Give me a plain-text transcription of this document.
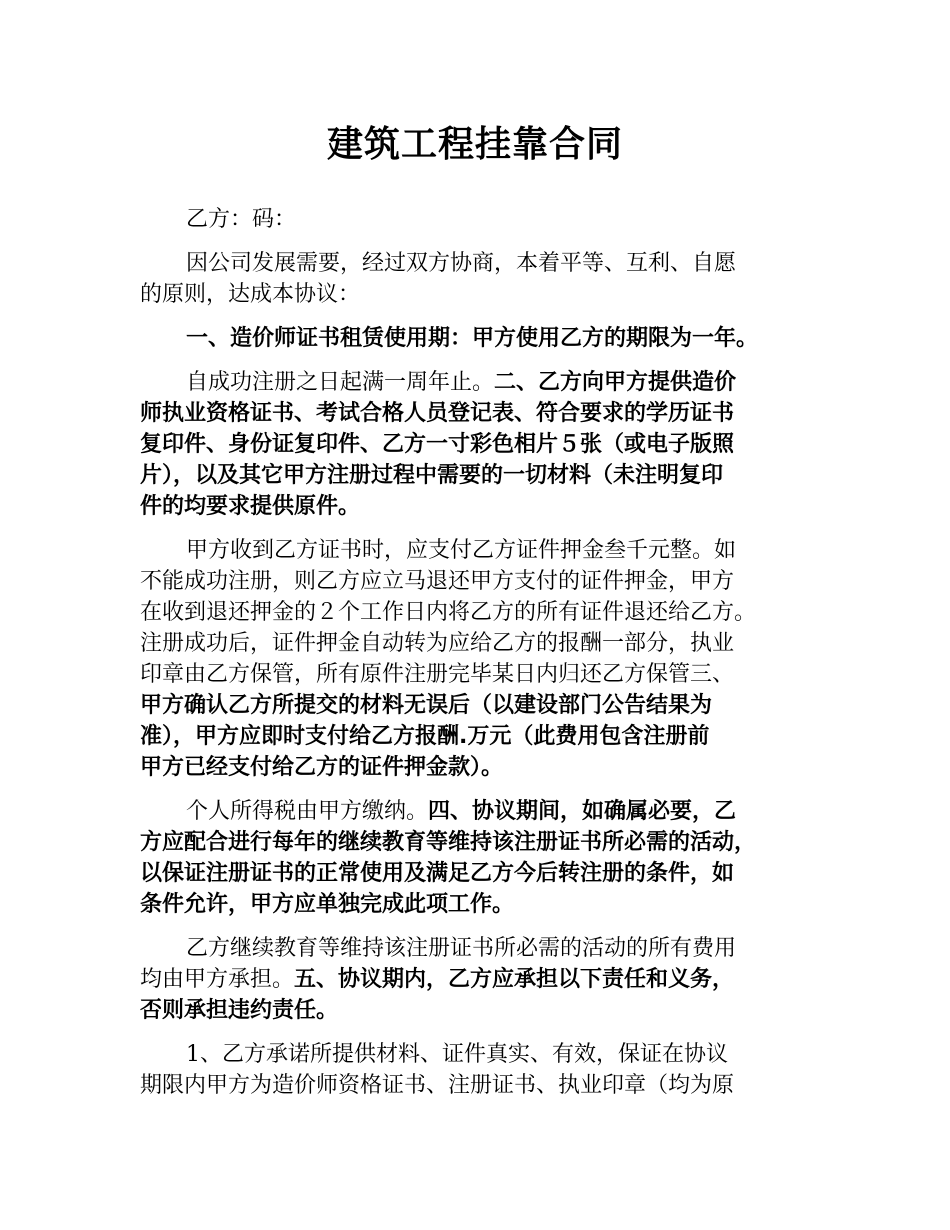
建筑工程挂靠合同

乙方：码：

因公司发展需要，经过双方协商，本着平等、互利、自愿
的原则，达成本协议：

一、造价师证书租赁使用期：甲方使用乙方的期限为一年。

自成功注册之日起满一周年止。二、乙方向甲方提供造价
师执业资格证书、考试合格人员登记表、符合要求的学历证书
复印件、身份证复印件、乙方一寸彩色相片５张（或电子版照
片），以及其它甲方注册过程中需要的一切材料（未注明复印
件的均要求提供原件。

甲方收到乙方证书时，应支付乙方证件押金叁千元整。如
不能成功注册，则乙方应立马退还甲方支付的证件押金，甲方
在收到退还押金的２个工作日内将乙方的所有证件退还给乙方。
注册成功后，证件押金自动转为应给乙方的报酬一部分，执业
印章由乙方保管，所有原件注册完毕某日内归还乙方保管三、
甲方确认乙方所提交的材料无误后（以建设部门公告结果为
准），甲方应即时支付给乙方报酬.万元（此费用包含注册前
甲方已经支付给乙方的证件押金款）。

个人所得税由甲方缴纳。四、协议期间，如确属必要，乙
方应配合进行每年的继续教育等维持该注册证书所必需的活动，
以保证注册证书的正常使用及满足乙方今后转注册的条件，如
条件允许，甲方应单独完成此项工作。

乙方继续教育等维持该注册证书所必需的活动的所有费用
均由甲方承担。五、协议期内，乙方应承担以下责任和义务，
否则承担违约责任。

1、乙方承诺所提供材料、证件真实、有效，保证在协议
期限内甲方为造价师资格证书、注册证书、执业印章（均为原
